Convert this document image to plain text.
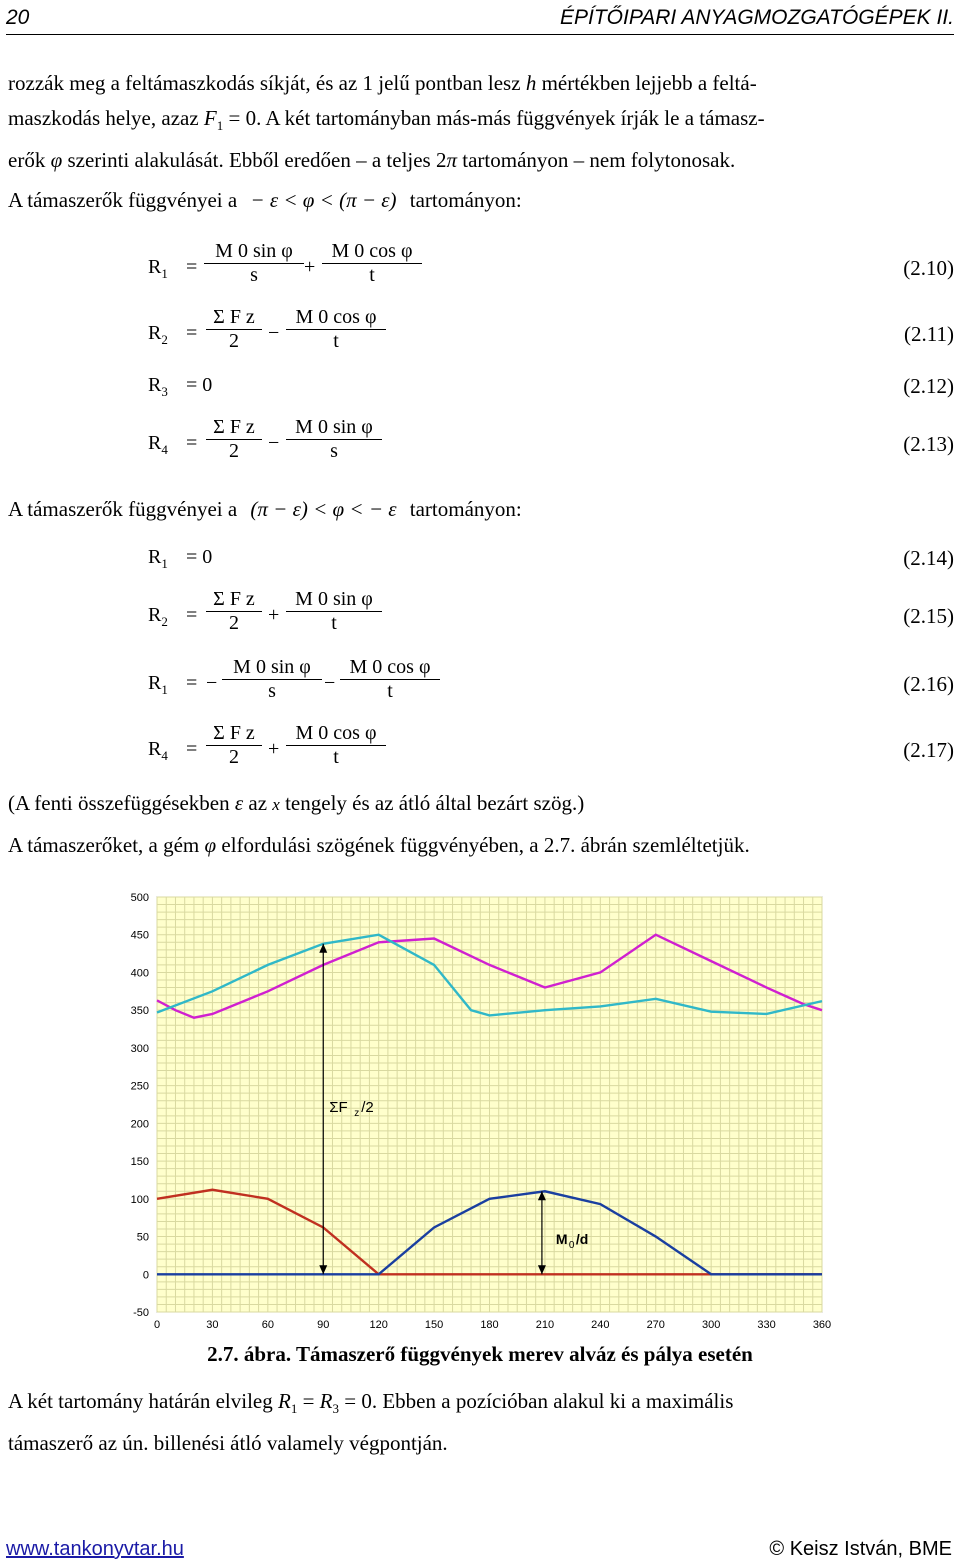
20	ÉPÍTŐIPARI ANYAGMOZGATÓGÉPEK II.
rozzák meg a feltámaszkodás síkját, és az 1 jelű pontban lesz h mértékben lejjebb a feltá-
maszkodás helye, azaz $F_1 = 0$. A két tartományban más-más függvények írják le a támasz-
erők φ szerinti alakulását. Ebből eredően – a teljes 2π tartományon – nem folytonosak.
A támaszerők függvényei a − ε < φ < (π − ε) tartományon:
$R_1 = \frac{\text{M 0 sin φ}}{s} + \frac{\text{M 0 cos φ}}{t}$	(2.10)
$R_2 = \frac{\text{Σ F z}}{2} - \frac{\text{M 0 cos φ}}{t}$	(2.11)
$R_3 = 0$	(2.12)
$R_4 = \frac{\text{Σ F z}}{2} - \frac{\text{M 0 sin φ}}{s}$	(2.13)
A támaszerők függvényei a (π − ε) < φ < − ε tartományon:
$R_1 = 0$	(2.14)
$R_2 = \frac{\text{Σ F z}}{2} + \frac{\text{M 0 sin φ}}{t}$	(2.15)
$R_1$ = − $\frac{\text{M 0 sin φ}}{s} - \frac{\text{M 0 cos φ}}{t}$	(2.16)
$R_4 = \frac{\text{Σ F z}}{2} + \frac{\text{M 0 cos φ}}{t}$	(2.17)
(A fenti összefüggésekben ε az x tengely és az átló által bezárt szög.)
A támaszerőket, a gém φ elfordulási szögének függvényében, a 2.7. ábrán szemléltetjük.
500
450
400
350
300
250
200
150
100
50
0
-50
0	30	60	90	120	150	180	210	240	270	300	330	360
ΣF z /2
M 0 /d
2.7. ábra. Támaszerő függvények merev alváz és pálya esetén
A két tartomány határán elvileg $R_1 = R_3 = 0$. Ebben a pozícióban alakul ki a maximális
támaszerő az ún. billenési átló valamely végpontján.
www.tankonyvtar.hu	© Keisz István, BME
